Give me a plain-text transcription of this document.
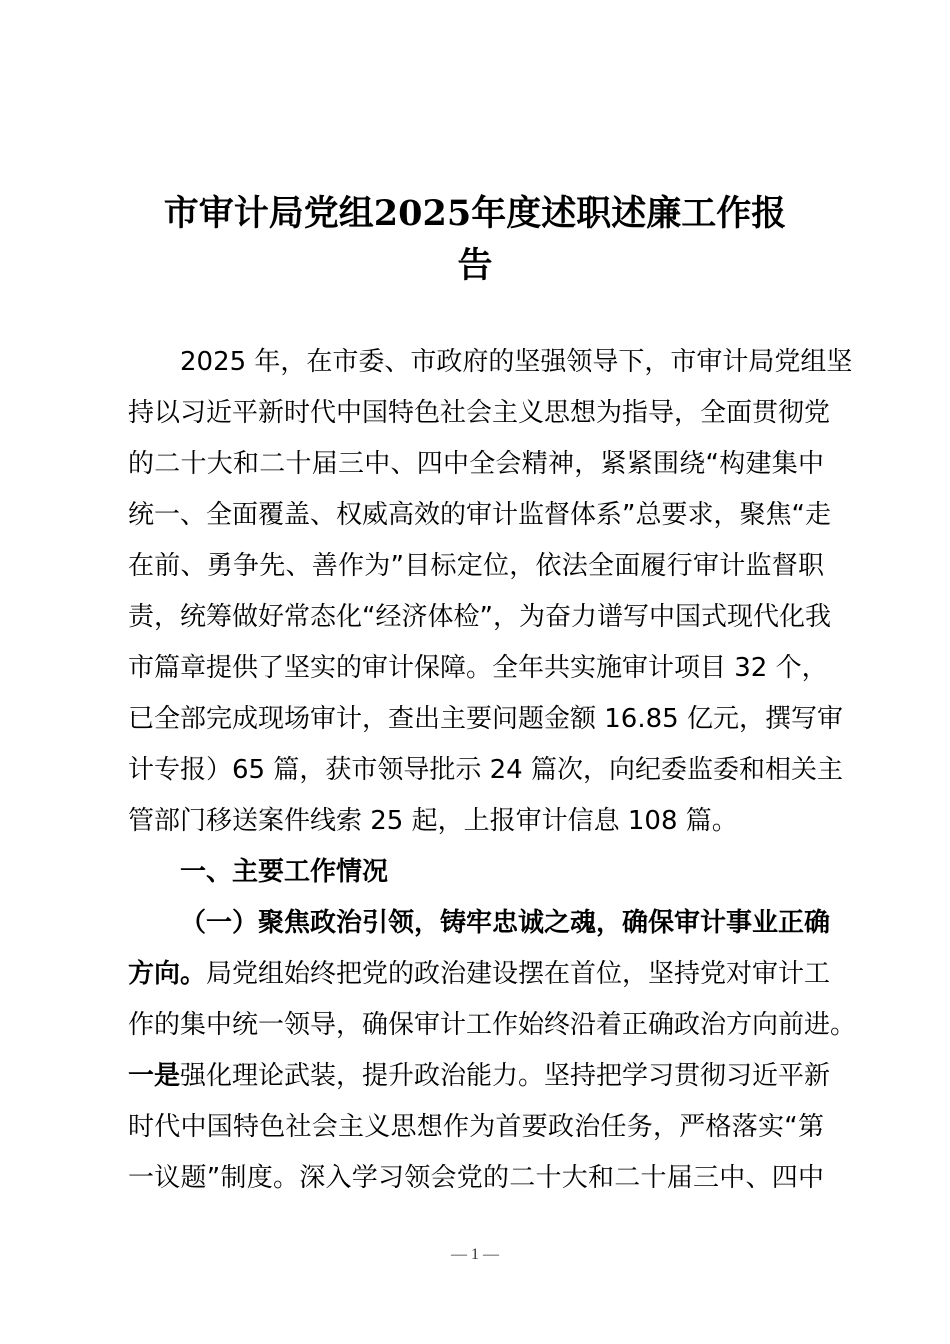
市审计局党组2025年度述职述廉工作报
告
2025 年，在市委、市政府的坚强领导下，市审计局党组坚
持以习近平新时代中国特色社会主义思想为指导，全面贯彻党
的二十大和二十届三中、四中全会精神，紧紧围绕“构建集中
统一、全面覆盖、权威高效的审计监督体系”总要求，聚焦“走
在前、勇争先、善作为”目标定位，依法全面履行审计监督职
责，统筹做好常态化“经济体检”，为奋力谱写中国式现代化我
市篇章提供了坚实的审计保障。全年共实施审计项目 32 个，
已全部完成现场审计，查出主要问题金额 16.85 亿元，撰写审
计专报）65 篇，获市领导批示 24 篇次，向纪委监委和相关主
管部门移送案件线索 25 起，上报审计信息 108 篇。
一、主要工作情况
（一）聚焦政治引领，铸牢忠诚之魂，确保审计事业正确
方向。局党组始终把党的政治建设摆在首位，坚持党对审计工
作的集中统一领导，确保审计工作始终沿着正确政治方向前进。
一是强化理论武装，提升政治能力。坚持把学习贯彻习近平新
时代中国特色社会主义思想作为首要政治任务，严格落实“第
一议题”制度。深入学习领会党的二十大和二十届三中、四中
— 1 —
